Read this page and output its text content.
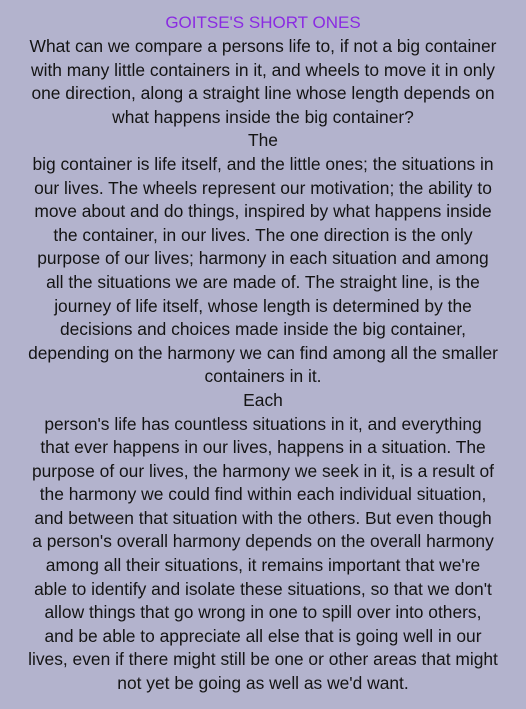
GOITSE'S SHORT ONES
What can we compare a persons life to, if not a big container
with many little containers in it, and wheels to move it in only
one direction, along a straight line whose length depends on
what happens inside the big container?
The
big container is life itself, and the little ones; the situations in
our lives. The wheels represent our motivation; the ability to
move about and do things, inspired by what happens inside
the container, in our lives. The one direction is the only
purpose of our lives; harmony in each situation and among
all the situations we are made of. The straight line, is the
journey of life itself, whose length is determined by the
decisions and choices made inside the big container,
depending on the harmony we can find among all the smaller
containers in it.
Each
person's life has countless situations in it, and everything
that ever happens in our lives, happens in a situation. The
purpose of our lives, the harmony we seek in it, is a result of
the harmony we could find within each individual situation,
and between that situation with the others. But even though
a person's overall harmony depends on the overall harmony
among all their situations, it remains important that we're
able to identify and isolate these situations, so that we don't
allow things that go wrong in one to spill over into others,
and be able to appreciate all else that is going well in our
lives, even if there might still be one or other areas that might
not yet be going as well as we'd want.
